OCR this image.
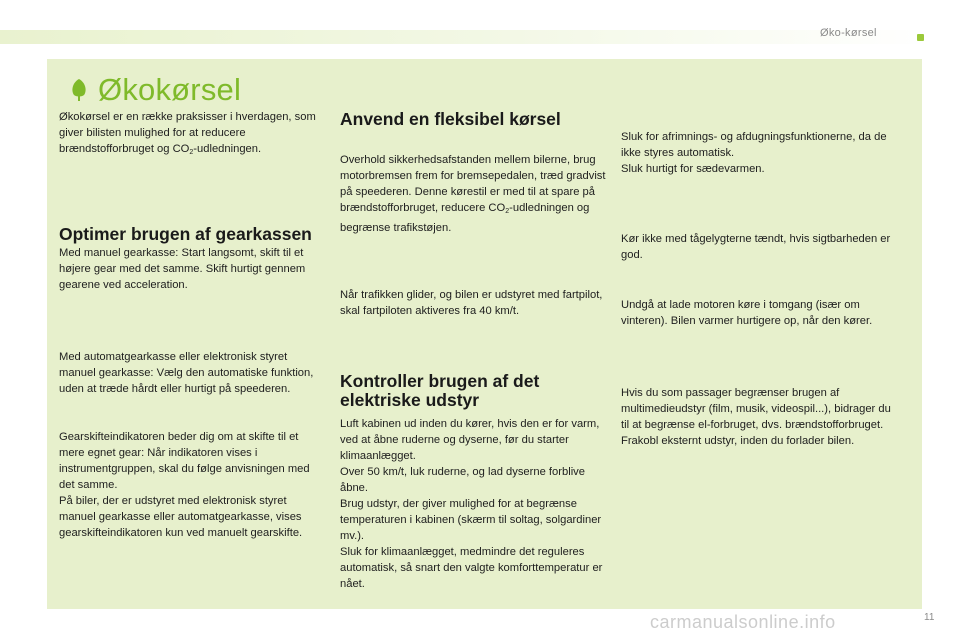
Øko-kørsel
Økokørsel

Økokørsel er en række praksisser i hverdagen, som giver bilisten mulighed for at reducere brændstofforbruget og $CO_2$-udledningen.

Optimer brugen af gearkassen

Med manuel gearkasse: Start langsomt, skift til et højere gear med det samme. Skift hurtigt gennem gearene ved acceleration.

Med automatgearkasse eller elektronisk styret manuel gearkasse: Vælg den automatiske funktion, uden at træde hårdt eller hurtigt på speederen.

Gearskifteindikatoren beder dig om at skifte til et mere egnet gear: Når indikatoren vises i instrumentgruppen, skal du følge anvisningen med det samme.

På biler, der er udstyret med elektronisk styret manuel gearkasse eller automatgearkasse, vises gearskifteindikatoren kun ved manuelt gearskifte.

Anvend en fleksibel kørsel

Overhold sikkerhedsafstanden mellem bilerne, brug motorbremsen frem for bremsepedalen, træd gradvist på speederen. Denne kørestil er med til at spare på brændstofforbruget, reducere $CO_2$-udledningen og begrænse trafikstøjen.

Når trafikken glider, og bilen er udstyret med fartpilot, skal fartpiloten aktiveres fra 40 km/t.

Kontroller brugen af det elektriske udstyr

Luft kabinen ud inden du kører, hvis den er for varm, ved at åbne ruderne og dyserne, før du starter klimaanlægget.

Over 50 km/t, luk ruderne, og lad dyserne forblive åbne.

Brug udstyr, der giver mulighed for at begrænse temperaturen i kabinen (skærm til soltag, solgardiner mv.).

Sluk for klimaanlægget, medmindre det reguleres automatisk, så snart den valgte komforttemperatur er nået.

Sluk for afrimnings- og afdugningsfunktionerne, da de ikke styres automatisk.

Sluk hurtigt for sædevarmen.

Kør ikke med tågelygterne tændt, hvis sigtbarheden er god.

Undgå at lade motoren køre i tomgang (især om vinteren). Bilen varmer hurtigere op, når den kører.

Hvis du som passager begrænser brugen af multimedieudstyr (film, musik, videospil...), bidrager du til at begrænse el-forbruget, dvs. brændstofforbruget.

Frakobl eksternt udstyr, inden du forlader bilen.

carmanualsonline.info	11
